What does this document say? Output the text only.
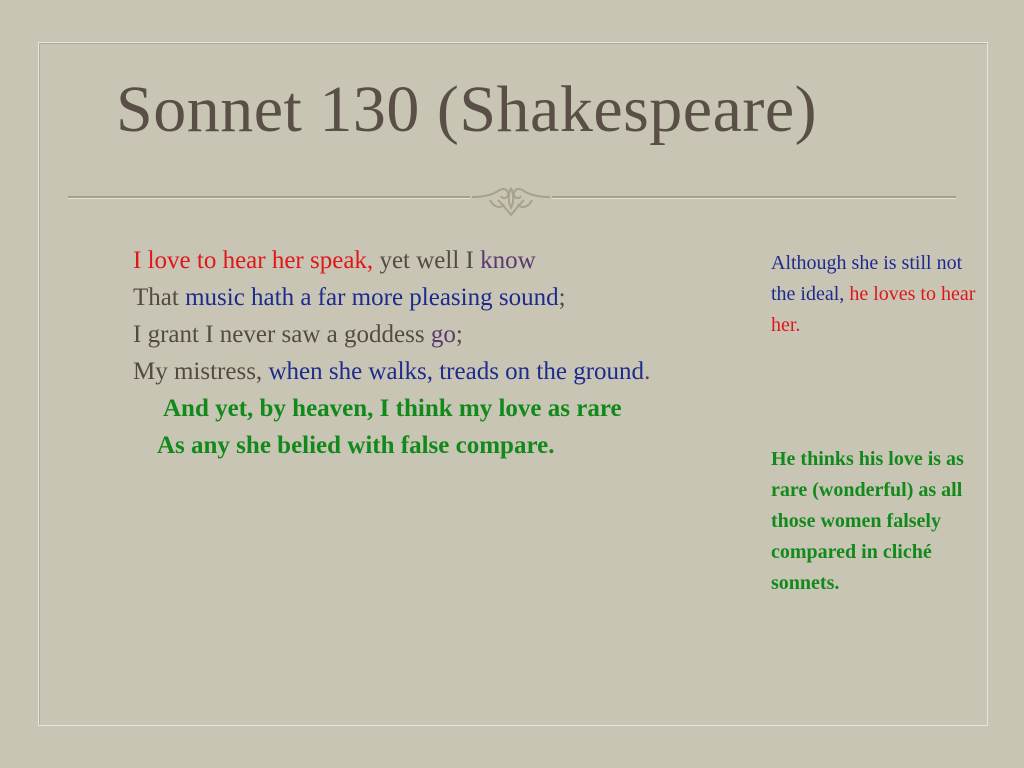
Sonnet 130 (Shakespeare)
I love to hear her speak, yet well I know
That music hath a far more pleasing sound;
I grant I never saw a goddess go;
My mistress, when she walks, treads on the ground.
And yet, by heaven, I think my love as rare
As any she belied with false compare.
Although she is still not the ideal, he loves to hear her.
He thinks his love is as rare (wonderful) as all those women falsely compared in cliché sonnets.
